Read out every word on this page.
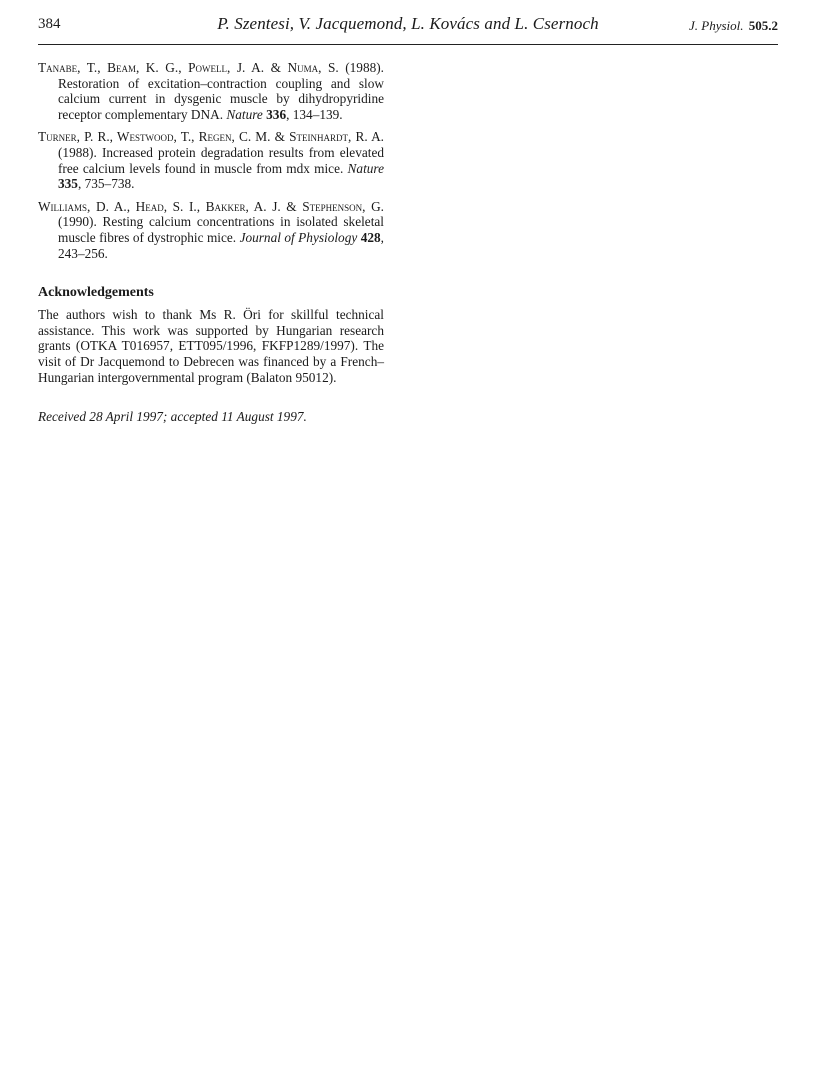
384	P. Szentesi, V. Jacquemond, L. Kovács and L. Csernoch	J. Physiol. 505.2

Tanabe, T., Beam, K. G., Powell, J. A. & Numa, S. (1988). Restoration of excitation–contraction coupling and slow calcium current in dysgenic muscle by dihydropyridine receptor complementary DNA. Nature 336, 134–139.

Turner, P. R., Westwood, T., Regen, C. M. & Steinhardt, R. A. (1988). Increased protein degradation results from elevated free calcium levels found in muscle from mdx mice. Nature 335, 735–738.

Williams, D. A., Head, S. I., Bakker, A. J. & Stephenson, G. (1990). Resting calcium concentrations in isolated skeletal muscle fibres of dystrophic mice. Journal of Physiology 428, 243–256.

Acknowledgements

The authors wish to thank Ms R. Öri for skillful technical assistance. This work was supported by Hungarian research grants (OTKA T016957, ETT095/1996, FKFP1289/1997). The visit of Dr Jacquemond to Debrecen was financed by a French–Hungarian intergovernmental program (Balaton 95012).

Received 28 April 1997; accepted 11 August 1997.
